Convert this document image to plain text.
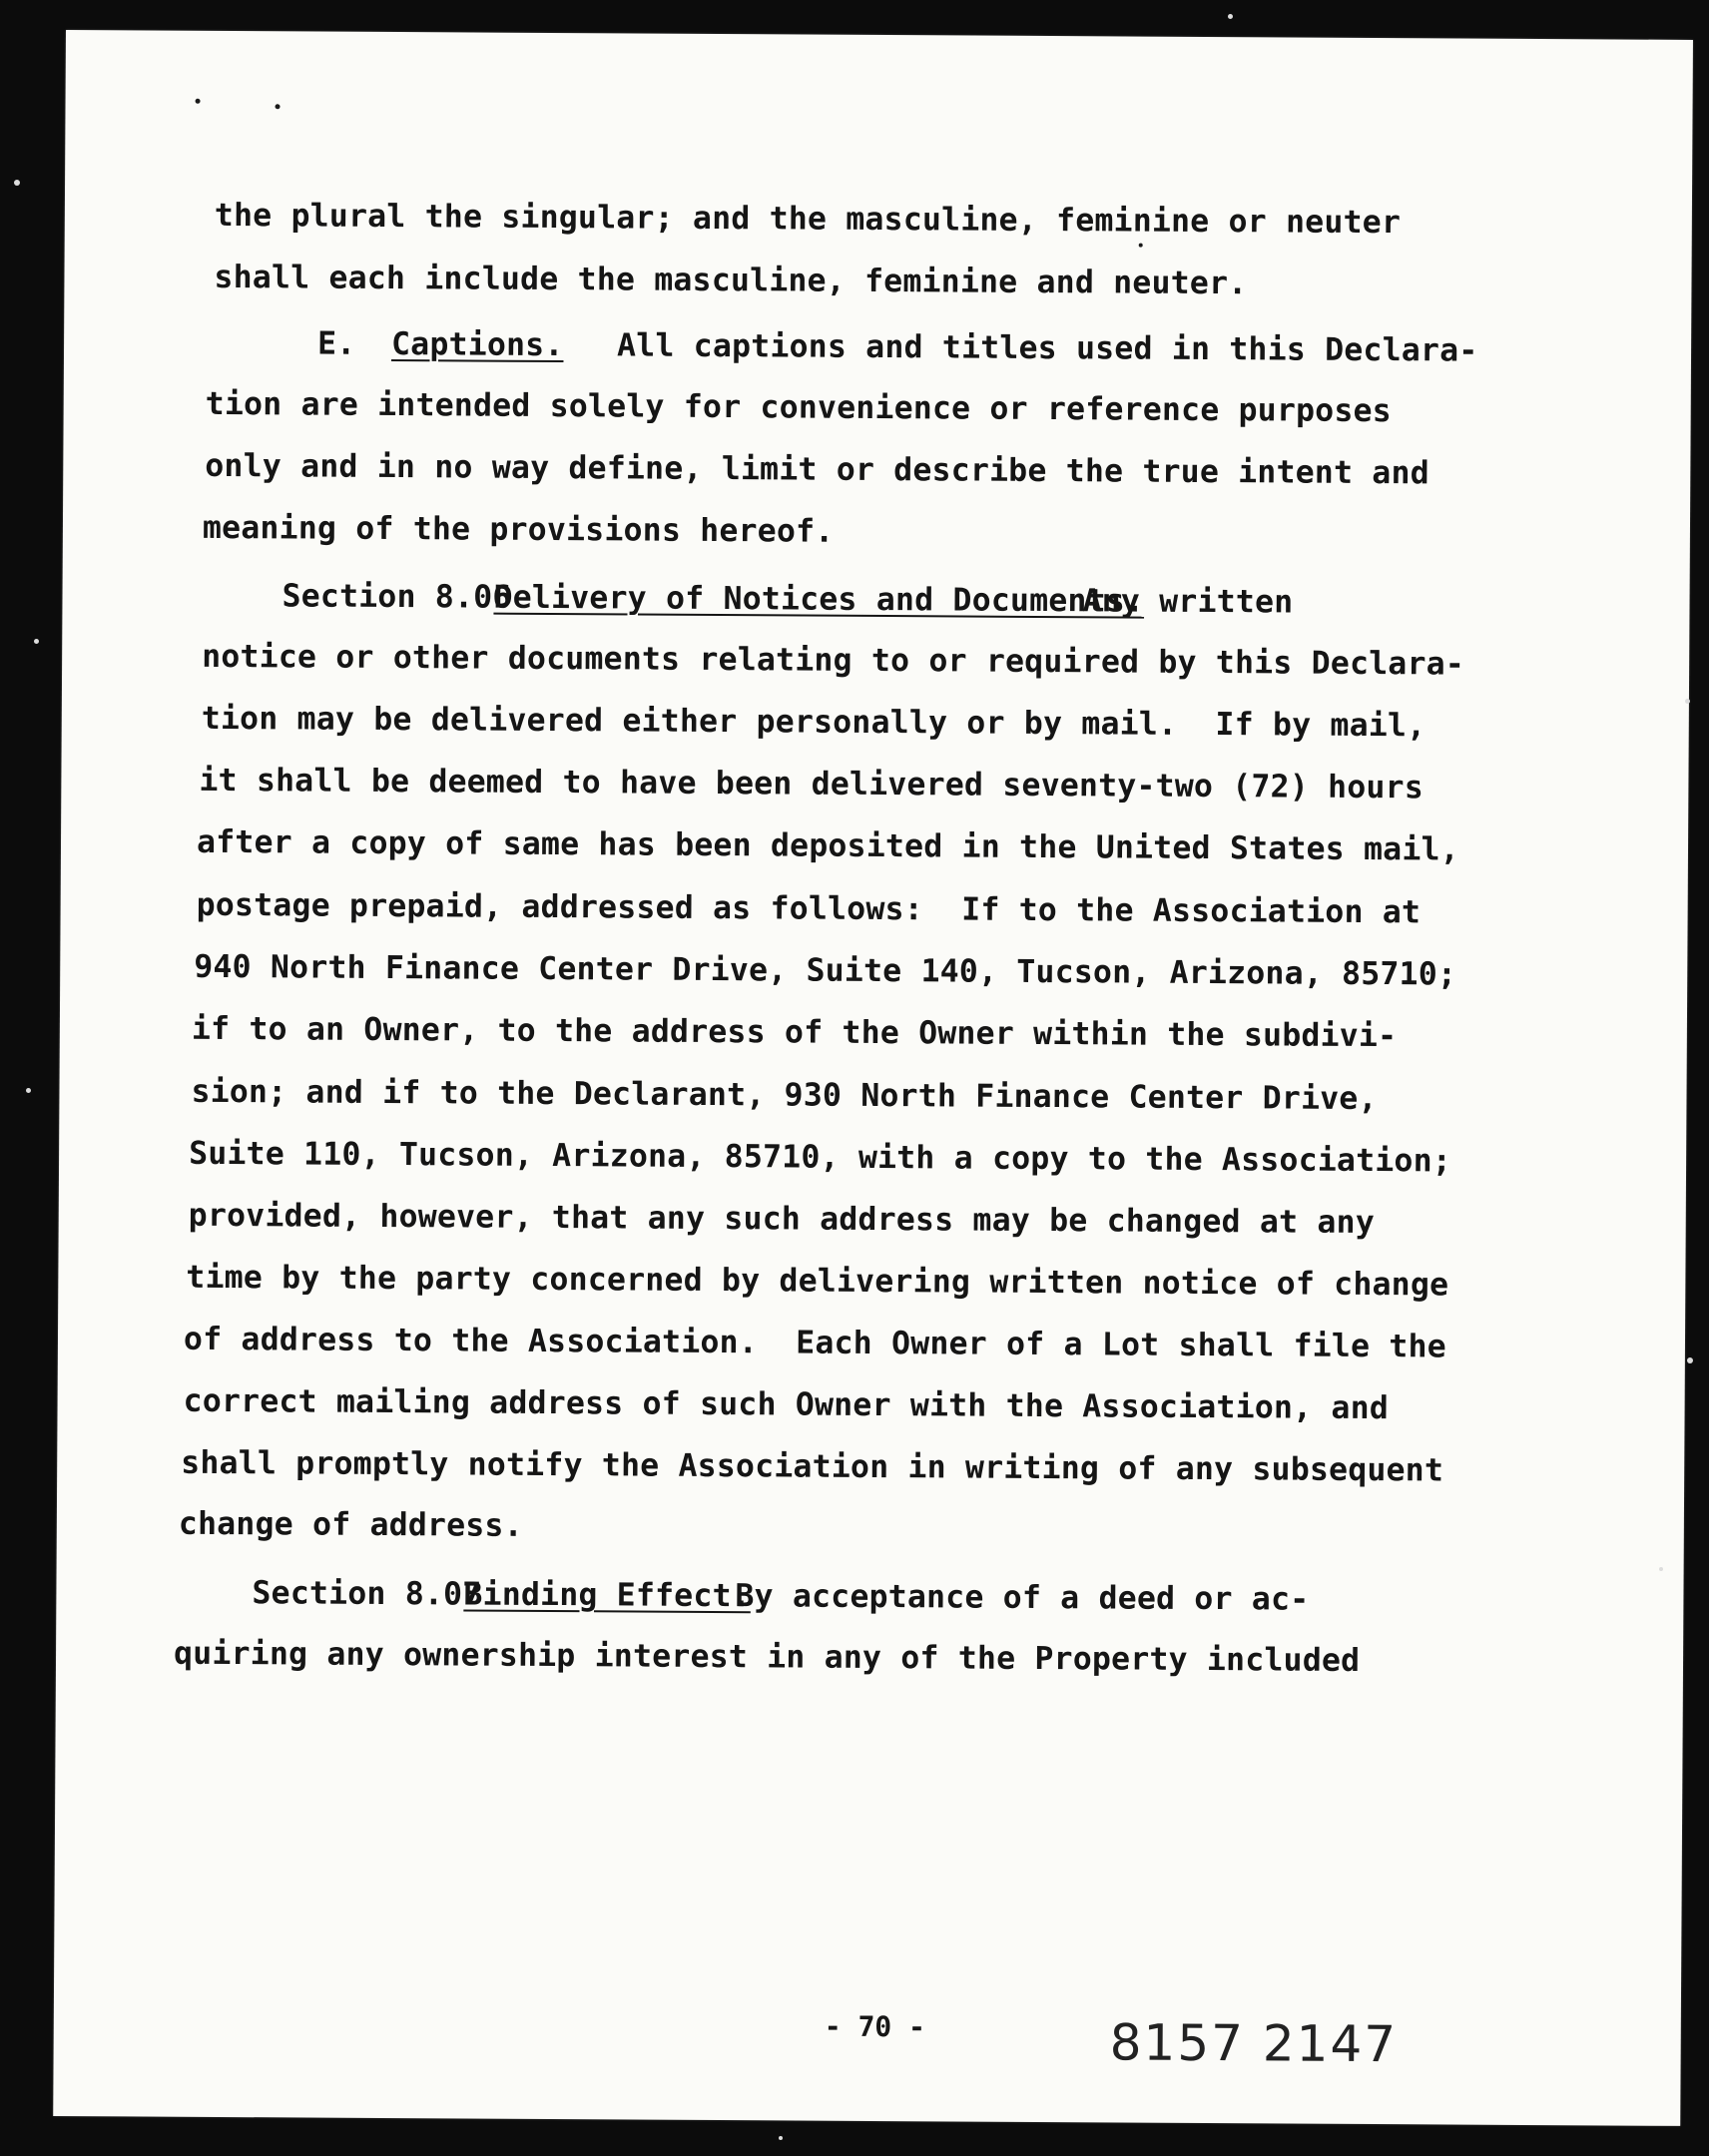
the plural the singular; and the masculine, feminine or neuter
shall each include the masculine, feminine and neuter.
E. Captions. All captions and titles used in this Declara-
tion are intended solely for convenience or reference purposes
only and in no way define, limit or describe the true intent and
meaning of the provisions hereof.
Section 8.06
Delivery of Notices and Documents.
Any written
notice or other documents relating to or required by this Declara-
tion may be delivered either personally or by mail.  If by mail,
it shall be deemed to have been delivered seventy-two (72) hours
after a copy of same has been deposited in the United States mail,
postage prepaid, addressed as follows:  If to the Association at
940 North Finance Center Drive, Suite 140, Tucson, Arizona, 85710;
if to an Owner, to the address of the Owner within the subdivi-
sion; and if to the Declarant, 930 North Finance Center Drive,
Suite 110, Tucson, Arizona, 85710, with a copy to the Association;
provided, however, that any such address may be changed at any
time by the party concerned by delivering written notice of change
of address to the Association.  Each Owner of a Lot shall file the
correct mailing address of such Owner with the Association, and
shall promptly notify the Association in writing of any subsequent
change of address.
Section 8.07
Binding Effect.
By acceptance of a deed or ac-
quiring any ownership interest in any of the Property included
- 70 -	8157 2147
